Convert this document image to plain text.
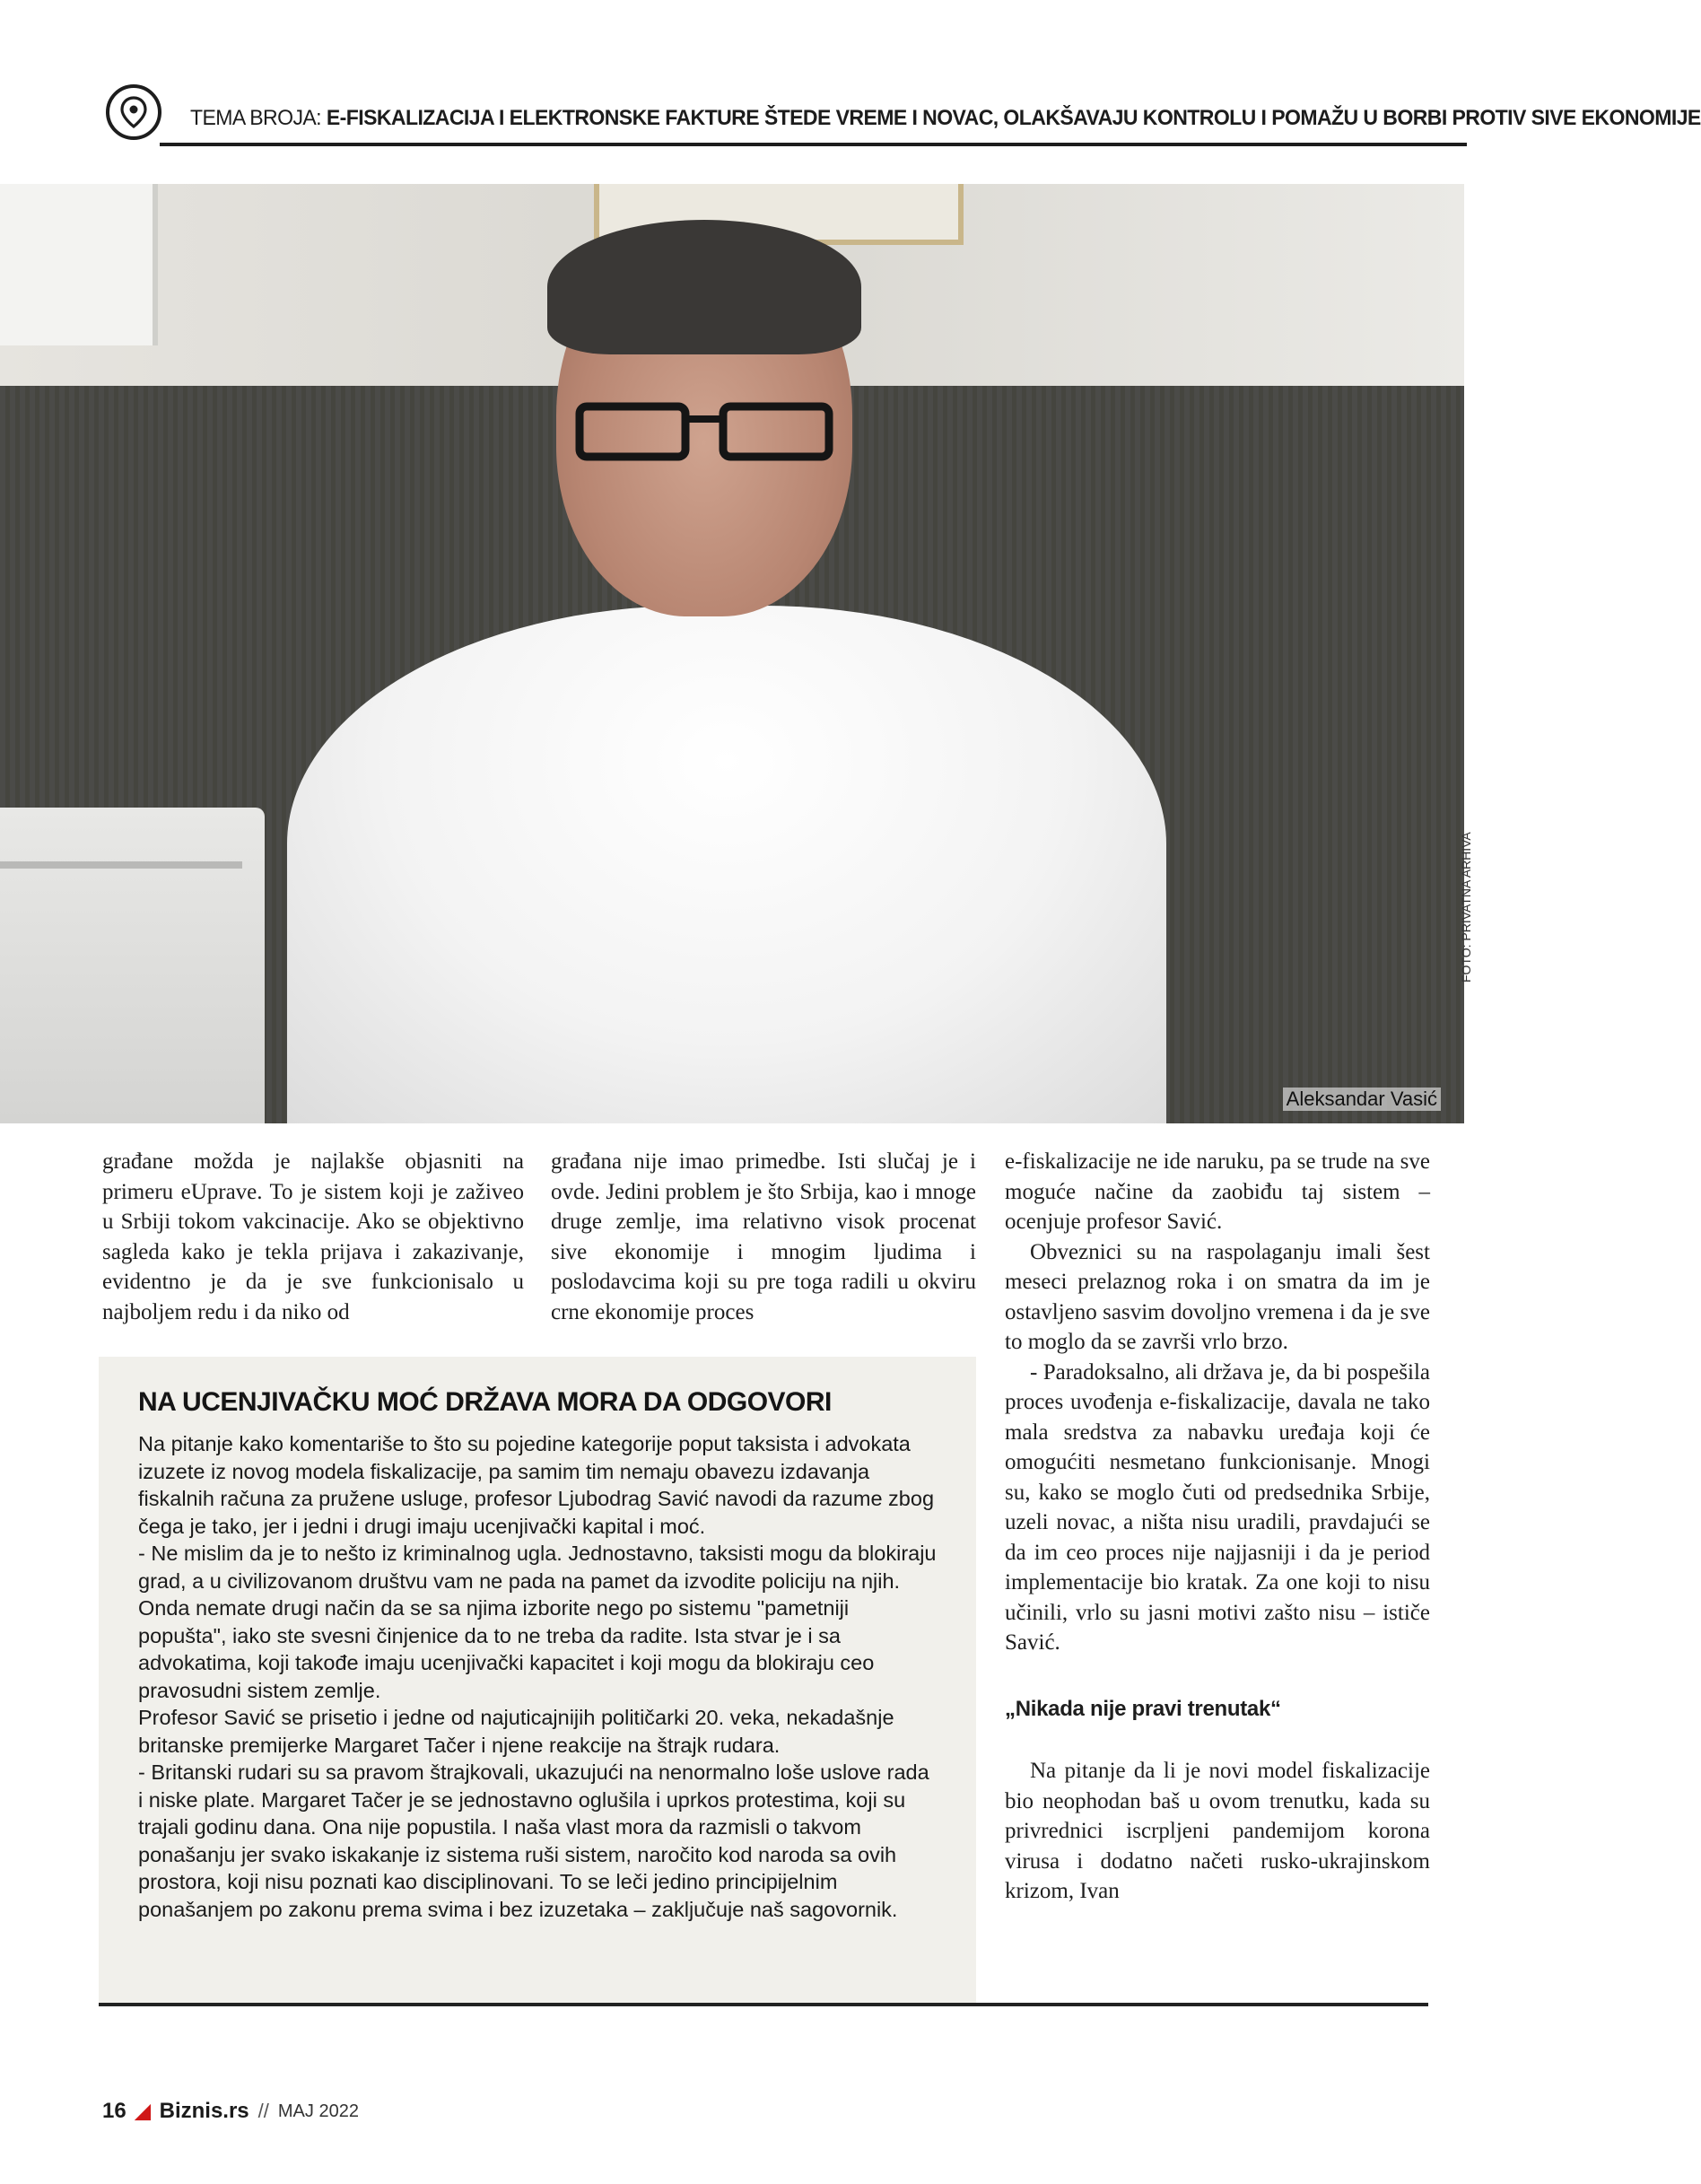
TEMA BROJA: E-FISKALIZACIJA I ELEKTRONSKE FAKTURE ŠTEDE VREME I NOVAC, OLAKŠAVAJU KONTROLU I POMAŽU U BORBI PROTIV SIVE EKONOMIJE
Aleksandar Vasić
FOTO: PRIVATNA ARHIVA

građane možda je najlakše objasniti na primeru eUprave. To je sistem koji je zaživeo u Srbiji tokom vakcinacije. Ako se objektivno sagleda kako je tekla prijava i zakazivanje, evidentno je da je sve funkcionisalo u najboljem redu i da niko od

građana nije imao primedbe. Isti slučaj je i ovde. Jedini problem je što Srbija, kao i mnoge druge zemlje, ima relativno visok procenat sive ekonomije i mnogim ljudima i poslodavcima koji su pre toga radili u okviru crne ekonomije proces

e-fiskalizacije ne ide naruku, pa se trude na sve moguće načine da zaobiđu taj sistem – ocenjuje profesor Savić.

Obveznici su na raspolaganju imali šest meseci prelaznog roka i on smatra da im je ostavljeno sasvim dovoljno vremena i da je sve to moglo da se završi vrlo brzo.

- Paradoksalno, ali država je, da bi pospešila proces uvođenja e-fiskalizacije, davala ne tako mala sredstva za nabavku uređaja koji će omogućiti nesmetano funkcionisanje. Mnogi su, kako se moglo čuti od predsednika Srbije, uzeli novac, a ništa nisu uradili, pravdajući se da im ceo proces nije najjasniji i da je period implementacije bio kratak. Za one koji to nisu učinili, vrlo su jasni motivi zašto nisu – ističe Savić.

„Nikada nije pravi trenutak“

Na pitanje da li je novi model fiskalizacije bio neophodan baš u ovom trenutku, kada su privrednici iscrpljeni pandemijom korona virusa i dodatno načeti rusko-ukrajinskom krizom, Ivan

NA UCENJIVAČKU MOĆ DRŽAVA MORA DA ODGOVORI

Na pitanje kako komentariše to što su pojedine kategorije poput taksista i advokata izuzete iz novog modela fiskalizacije, pa samim tim nemaju obavezu izdavanja fiskalnih računa za pružene usluge, profesor Ljubodrag Savić navodi da razume zbog čega je tako, jer i jedni i drugi imaju ucenjivački kapital i moć.

- Ne mislim da je to nešto iz kriminalnog ugla. Jednostavno, taksisti mogu da blokiraju grad, a u civilizovanom društvu vam ne pada na pamet da izvodite policiju na njih. Onda nemate drugi način da se sa njima izborite nego po sistemu "pametniji popušta", iako ste svesni činjenice da to ne treba da radite. Ista stvar je i sa advokatima, koji takođe imaju ucenjivački kapacitet i koji mogu da blokiraju ceo pravosudni sistem zemlje.

Profesor Savić se prisetio i jedne od najuticajnijih političarki 20. veka, nekadašnje britanske premijerke Margaret Tačer i njene reakcije na štrajk rudara.

- Britanski rudari su sa pravom štrajkovali, ukazujući na nenormalno loše uslove rada i niske plate. Margaret Tačer je se jednostavno oglušila i uprkos protestima, koji su trajali godinu dana. Ona nije popustila. I naša vlast mora da razmisli o takvom ponašanju jer svako iskakanje iz sistema ruši sistem, naročito kod naroda sa ovih prostora, koji nisu poznati kao disciplinovani. To se leči jedino principijelnim ponašanjem po zakonu prema svima i bez izuzetaka – zaključuje naš sagovornik.

16 ◢ Biznis.rs // MAJ 2022
